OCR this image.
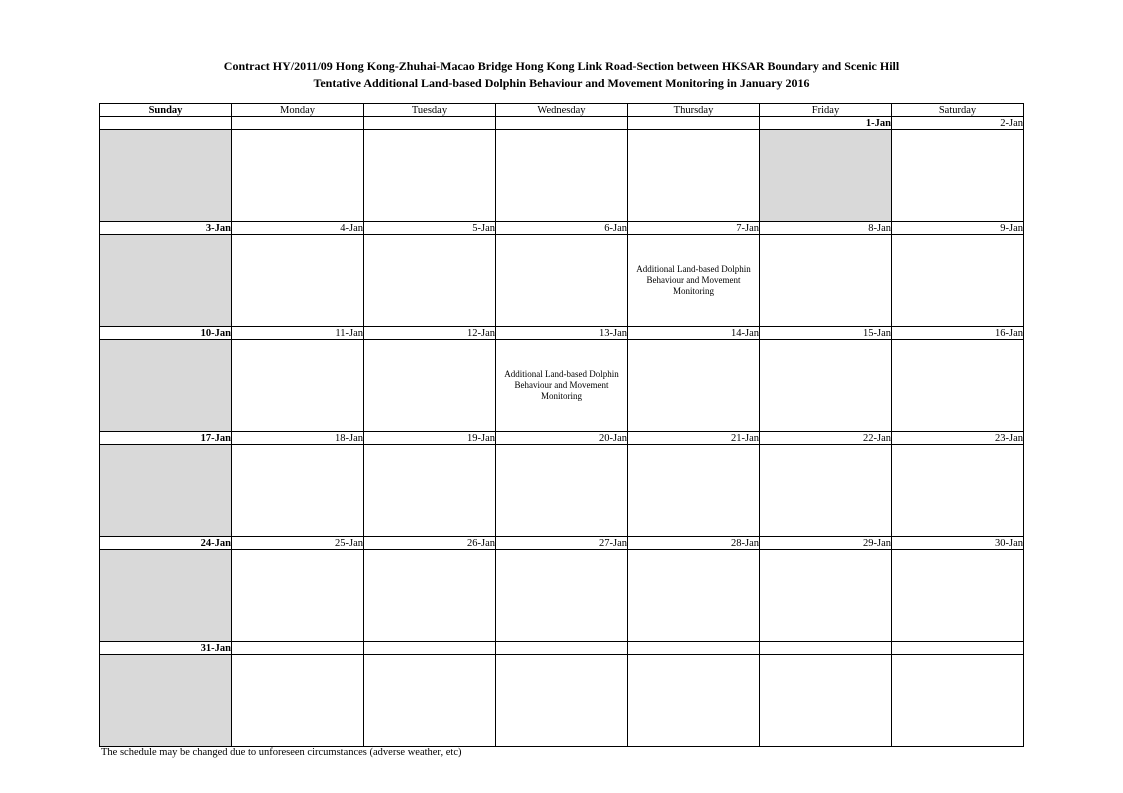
Contract HY/2011/09 Hong Kong-Zhuhai-Macao Bridge Hong Kong Link Road-Section between HKSAR Boundary and Scenic Hill
Tentative Additional Land-based Dolphin Behaviour and Movement Monitoring in January 2016
Sunday	Monday	Tuesday	Wednesday	Thursday	Friday	Saturday
					1-Jan	2-Jan

3-Jan	4-Jan	5-Jan	6-Jan	7-Jan	8-Jan	9-Jan

				Additional Land-based Dolphin Behaviour and Movement Monitoring		

10-Jan	11-Jan	12-Jan	13-Jan	14-Jan	15-Jan	16-Jan

			Additional Land-based Dolphin Behaviour and Movement Monitoring			

17-Jan	18-Jan	19-Jan	20-Jan	21-Jan	22-Jan	23-Jan

24-Jan	25-Jan	26-Jan	27-Jan	28-Jan	29-Jan	30-Jan

31-Jan						

The schedule may be changed due to unforeseen circumstances (adverse weather, etc)
